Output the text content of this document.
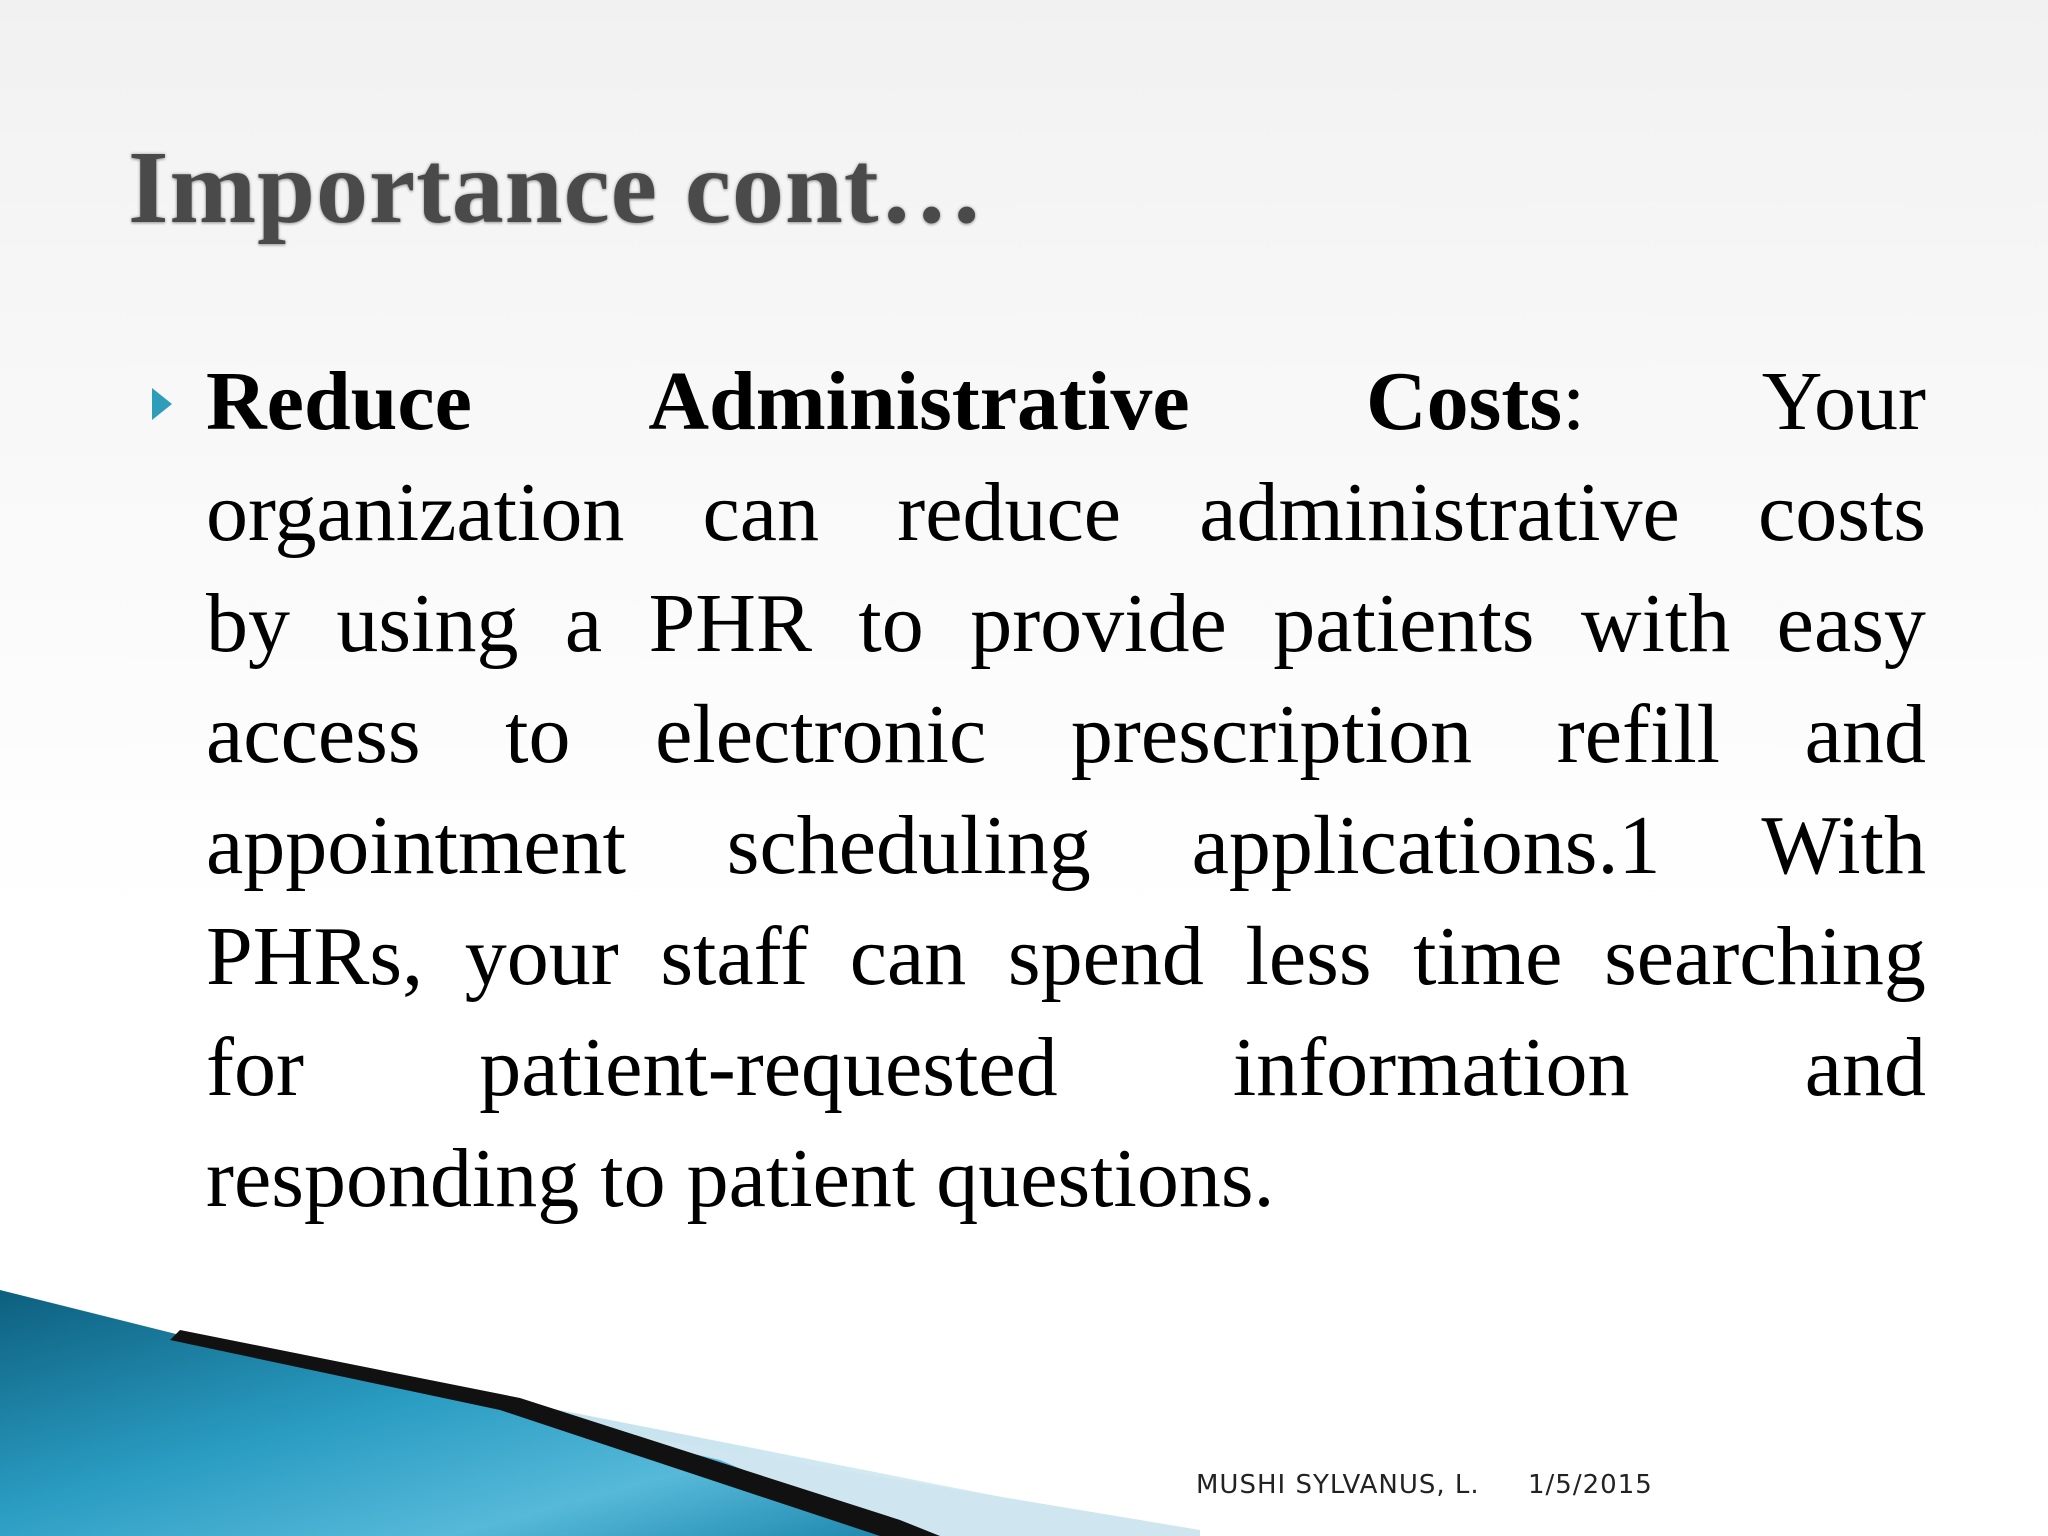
Importance cont…
Reduce Administrative Costs: Your
organization can reduce administrative costs
by using a PHR to provide patients with easy
access to electronic prescription refill and
appointment scheduling applications.1 With
PHRs, your staff can spend less time searching
for patient-requested information and
responding to patient questions.
MUSHI SYLVANUS, L. 1/5/2015
